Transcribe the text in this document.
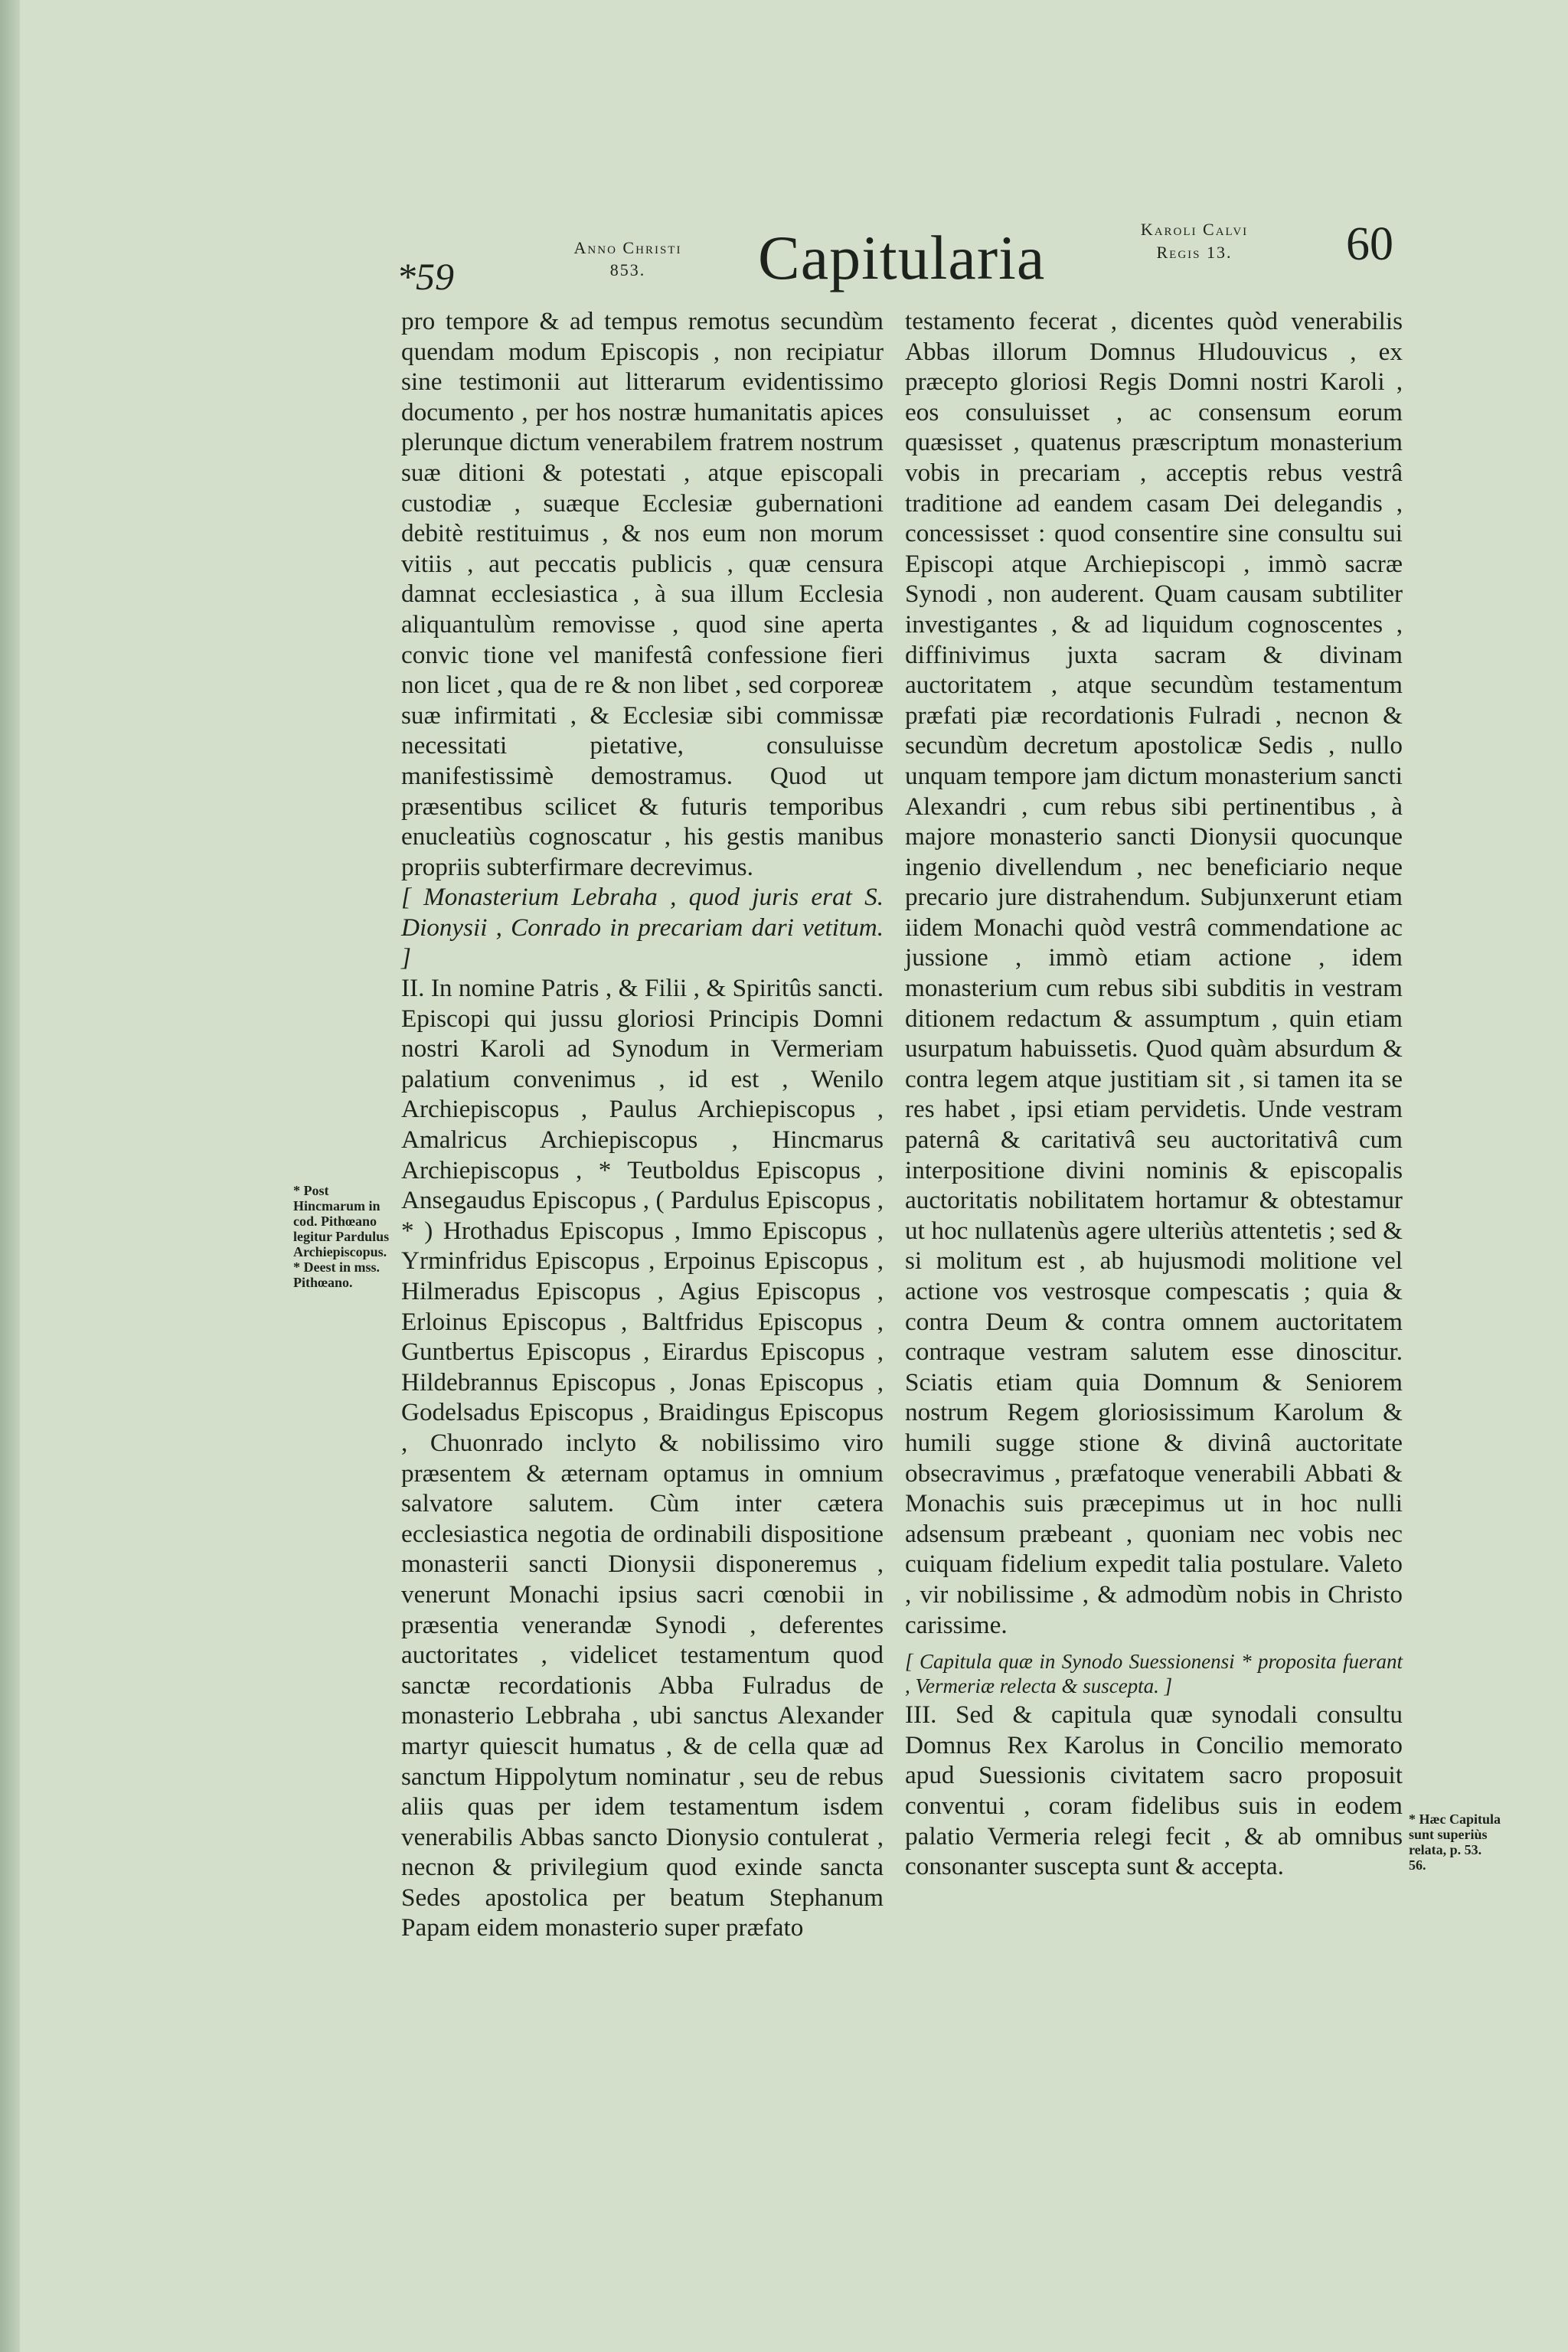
*59
Anno Christi
853.	Capitularia	Karoli Calvi
Regis 13.	60

pro tempore & ad tempus remotus secundùm quendam modum Episcopis , non recipiatur sine testimonii aut litterarum evidentissimo documento , per hos nostræ humanitatis apices plerunque dictum venerabilem fratrem nostrum suæ ditioni & potestati , atque episcopali custodiæ , suæque Ecclesiæ gubernationi debitè restituimus , & nos eum non morum vitiis , aut peccatis publicis , quæ censura damnat ecclesiastica , à sua illum Ecclesia aliquantulùm removisse , quod sine aperta convic tione vel manifestâ confessione fieri non licet , qua de re & non libet , sed corporeæ suæ infirmitati , & Ecclesiæ sibi commissæ necessitati pietative, consuluisse manifestissimè demostramus. Quod ut præsentibus scilicet & futuris temporibus enucleatiùs cognoscatur , his gestis manibus propriis subterfirmare decrevimus.

[ Monasterium Lebraha , quod juris erat S. Dionysii , Conrado in precariam dari vetitum. ]

II. In nomine Patris , & Filii , & Spiritûs sancti. Episcopi qui jussu gloriosi Principis Domni nostri Karoli ad Synodum in Vermeriam palatium convenimus , id est , Wenilo Archiepiscopus , Paulus Archiepiscopus , Amalricus Archiepiscopus , Hincmarus Archiepiscopus , * Teutboldus Episcopus , Ansegaudus Episcopus , ( Pardulus Episcopus , * ) Hrothadus Episcopus , Immo Episcopus , Yrminfridus Episcopus , Erpoinus Episcopus , Hilmeradus Episcopus , Agius Episcopus , Erloinus Episcopus , Baltfridus Episcopus , Guntbertus Episcopus , Eirardus Episcopus , Hildebrannus Episcopus , Jonas Episcopus , Godelsadus Episcopus , Braidingus Episcopus , Chuonrado inclyto & nobilissimo viro præsentem & æternam optamus in omnium salvatore salutem. Cùm inter cætera ecclesiastica negotia de ordinabili dispositione monasterii sancti Dionysii disponeremus , venerunt Monachi ipsius sacri cœnobii in præsentia venerandæ Synodi , deferentes auctoritates , videlicet testamentum quod sanctæ recordationis Abba Fulradus de monasterio Lebbraha , ubi sanctus Alexander martyr quiescit humatus , & de cella quæ ad sanctum Hippolytum nominatur , seu de rebus aliis quas per idem testamentum isdem venerabilis Abbas sancto Dionysio contulerat , necnon & privilegium quod exinde sancta Sedes apostolica per beatum Stephanum Papam eidem monasterio super præfato

testamento fecerat , dicentes quòd venerabilis Abbas illorum Domnus Hludouvicus , ex præcepto gloriosi Regis Domni nostri Karoli , eos consuluisset , ac consensum eorum quæsisset , quatenus præscriptum monasterium vobis in precariam , acceptis rebus vestrâ traditione ad eandem casam Dei delegandis , concessisset : quod consentire sine consultu sui Episcopi atque Archiepiscopi , immò sacræ Synodi , non auderent. Quam causam subtiliter investigantes , & ad liquidum cognoscentes , diffinivimus juxta sacram & divinam auctoritatem , atque secundùm testamentum præfati piæ recordationis Fulradi , necnon & secundùm decretum apostolicæ Sedis , nullo unquam tempore jam dictum monasterium sancti Alexandri , cum rebus sibi pertinentibus , à majore monasterio sancti Dionysii quocunque ingenio divellendum , nec beneficiario neque precario jure distrahendum. Subjunxerunt etiam iidem Monachi quòd vestrâ commendatione ac jussione , immò etiam actione , idem monasterium cum rebus sibi subditis in vestram ditionem redactum & assumptum , quin etiam usurpatum habuissetis. Quod quàm absurdum & contra legem atque justitiam sit , si tamen ita se res habet , ipsi etiam pervidetis. Unde vestram paternâ & caritativâ seu auctoritativâ cum interpositione divini nominis & episcopalis auctoritatis nobilitatem hortamur & obtestamur ut hoc nullatenùs agere ulteriùs attentetis ; sed & si molitum est , ab hujusmodi molitione vel actione vos vestrosque compescatis ; quia & contra Deum & contra omnem auctoritatem contraque vestram salutem esse dinoscitur. Sciatis etiam quia Domnum & Seniorem nostrum Regem gloriosissimum Karolum & humili sugge stione & divinâ auctoritate obsecravimus , præfatoque venerabili Abbati & Monachis suis præcepimus ut in hoc nulli adsensum præbeant , quoniam nec vobis nec cuiquam fidelium expedit talia postulare. Valeto , vir nobilissime , & admodùm nobis in Christo carissime.

[ Capitula quæ in Synodo Suessionensi * proposita fuerant , Vermeriæ relecta & suscepta. ]

III. Sed & capitula quæ synodali consultu Domnus Rex Karolus in Concilio memorato apud Suessionis civitatem sacro proposuit conventui , coram fidelibus suis in eodem palatio Vermeria relegi fecit , & ab omnibus consonanter suscepta sunt & accepta.

* Post Hincmarum in cod. Pithœano legitur Pardulus Archiepiscopus.
* Deest in mss. Pithœano.
* Hæc Capitula sunt superiùs relata, p. 53. 56.
